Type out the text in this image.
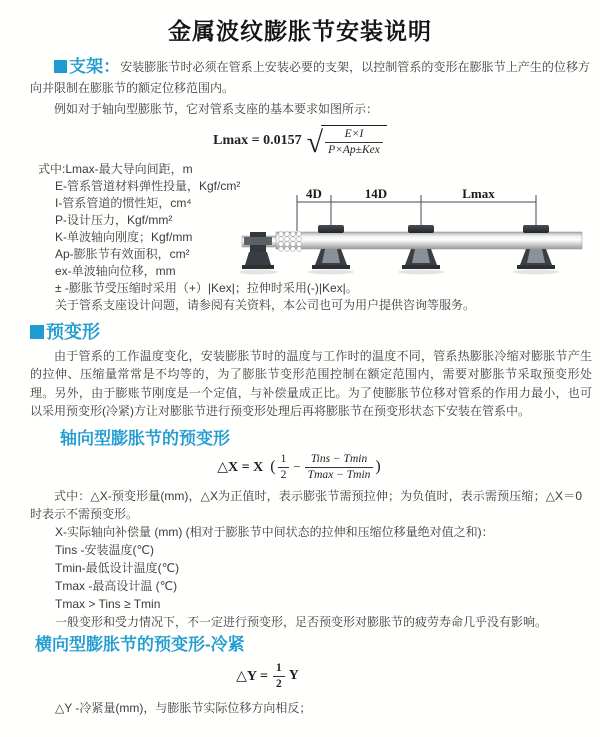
金属波纹膨胀节安装说明

支架：安装膨胀节时必须在管系上安装必要的支架，以控制管系的变形在膨胀节上产生的位移方向并限制在膨胀节的额定位移范围内。

例如对于轴向型膨胀节，它对管系支座的基本要求如图所示：

Lmax = 0.0157 √ $\frac{E\times I}{\text{P×Ap±Kex}}$
式中:Lmax-最大导向间距，m
E-管系管道材料弹性投量，Kgf/cm²
I-管系管道的惯性矩，cm⁴
P-设计压力，Kgf/mm²
K-单波轴向刚度；Kgf/mm
Ap-膨胀节有效面积，cm²
ex-单波轴向位移，mm
± -膨胀节受压缩时采用（+）|Kex|；拉伸时采用(-)|Kex|。
关于管系支座设计问题，请参阅有关资料，本公司也可为用户提供咨询等服务。
4D	14D	Lmax
预变形

由于管系的工作温度变化，安装膨胀节时的温度与工作时的温度不同，管系热膨胀冷缩对膨胀节产生的拉伸、压缩量常常是不均等的，为了膨胀节变形范围控制在额定范围内，需要对膨胀节采取预变形处理。另外，由于膨账节刚度是一个定值，与补偿量成正比。为了使膨胀节位移对管系的作用力最小，也可以采用预变形(冷紧)方让对膨胀节进行预变形处理后再将膨胀节在预变形状态下安装在管系中。

轴向型膨胀节的预变形
△X = X ( $\frac{1}{2} - \frac{\text{Tins − Tmin}}{Tmax - Tmin}$ )

式中：△X-预变形量(mm)，△X为正值时，表示膨张节需预拉伸；为负值时，表示需预压缩；△X＝0时表示不需预变形。

X-实际轴向补偿量 (mm) (相对于膨胀节中间状态的拉伸和压缩位移量绝对值之和)：

Tins -安装温度(℃)

Tmin-最低设计温度(℃)

Tmax -最高设计温 (℃)

Tmax > Tins ≥ Tmin

一般变形和受力情况下，不一定进行预变形，足否预变形对膨胀节的疲劳寿命几乎没有影响。

横向型膨胀节的预变形-冷紧
△Y = $\frac{1}{2}$ Y

△Y -冷紧量(mm)，与膨胀节实际位移方向相反；
